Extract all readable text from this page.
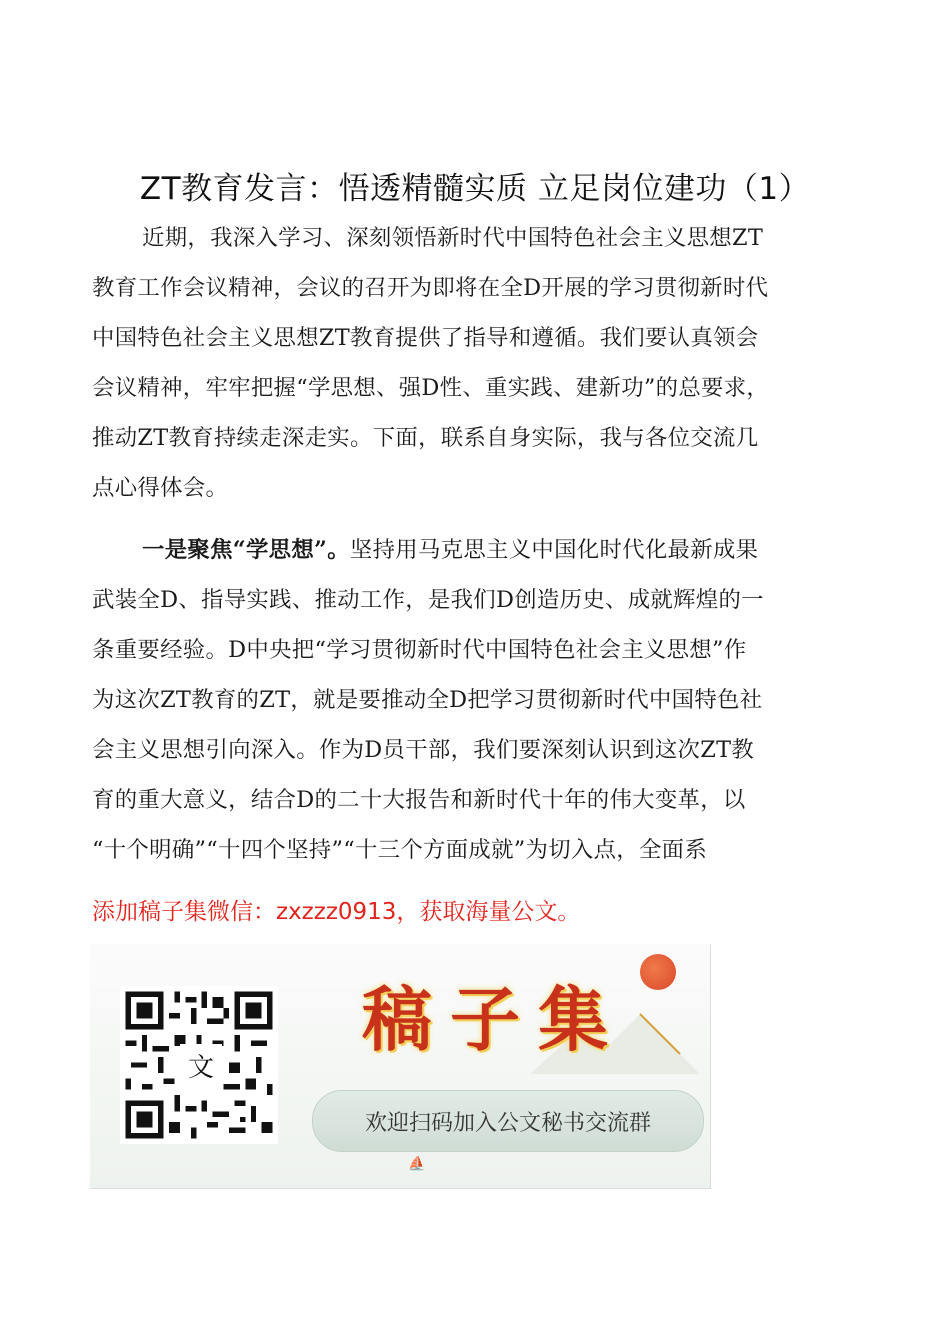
ZT教育发言：悟透精髓实质 立足岗位建功（1）
近期，我深入学习、深刻领悟新时代中国特色社会主义思想ZT
教育工作会议精神，会议的召开为即将在全D开展的学习贯彻新时代
中国特色社会主义思想ZT教育提供了指导和遵循。我们要认真领会
会议精神，牢牢把握“学思想、强D性、重实践、建新功”的总要求，
推动ZT教育持续走深走实。下面，联系自身实际，我与各位交流几
点心得体会。
一是聚焦“学思想”。坚持用马克思主义中国化时代化最新成果
武装全D、指导实践、推动工作，是我们D创造历史、成就辉煌的一
条重要经验。D中央把“学习贯彻新时代中国特色社会主义思想”作
为这次ZT教育的ZT，就是要推动全D把学习贯彻新时代中国特色社
会主义思想引向深入。作为D员干部，我们要深刻认识到这次ZT教
育的重大意义，结合D的二十大报告和新时代十年的伟大变革，以
“十个明确”“十四个坚持”“十三个方面成就”为切入点，全面系
添加稿子集微信：zxzzz0913，获取海量公文。
文
稿子集
欢迎扫码加入公文秘书交流群
⛵
